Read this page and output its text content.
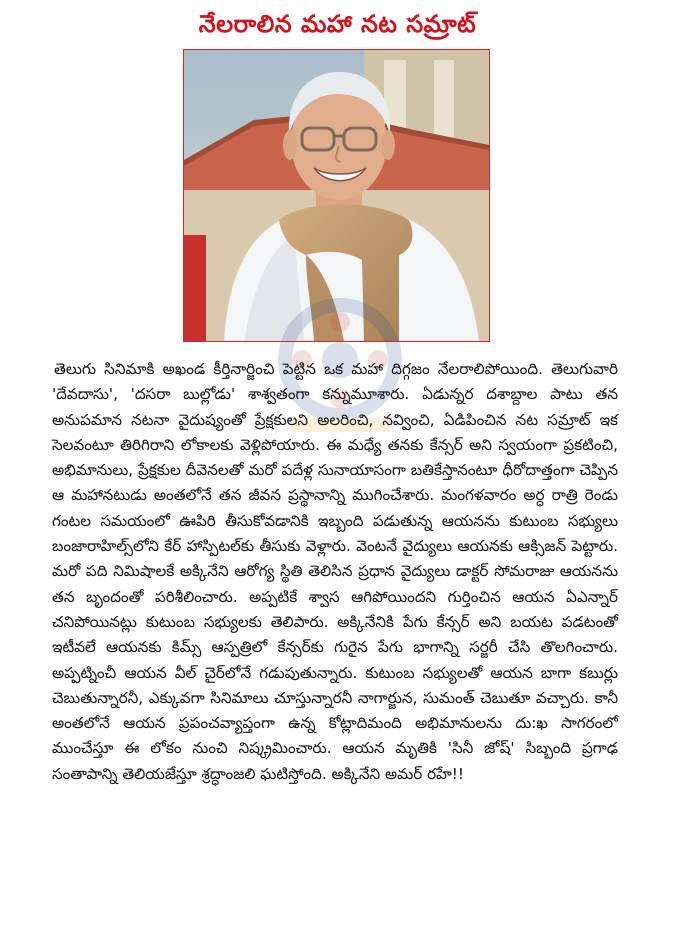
నేలరాలిన మహా నట సమ్రాట్
తెలుగు సినిమాకి అఖండ కీర్తినార్జించి పెట్టిన ఒక మహా దిగ్గజం నేలరాలిపోయింది. తెలుగువారి 'దేవదాసు', 'దసరా బుల్లోడు' శాశ్వతంగా కన్నుమూశారు. ఏడున్నర దశాబ్దాల పాటు తన అనుపమాన నటనా వైదుష్యంతో ప్రేక్షకులని అలరించి, నవ్వించి, ఏడిపించిన నట సమ్రాట్ ఇక సెలవంటూ తిరిగిరాని లోకాలకు వెళ్లిపోయారు. ఈ మధ్యే తనకు కేన్సర్ అని స్వయంగా ప్రకటించి, అభిమానులు, ప్రేక్షకుల దీవెనలతో మరో పదేళ్ల సునాయాసంగా బతికేస్తానంటూ ధీరోదాత్తంగా చెప్పిన ఆ మహానటుడు అంతలోనే తన జీవన ప్రస్థానాన్ని ముగించేశారు. మంగళవారం అర్ధ రాత్రి రెండు గంటల సమయంలో ఊపిరి తీసుకోవడానికి ఇబ్బంది పడుతున్న ఆయనను కుటుంబ సభ్యులు బంజారాహిల్స్‌లోని కేర్ హాస్పిటల్‌కు తీసుకు వెళ్లారు. వెంటనే వైద్యులు ఆయనకు ఆక్సిజన్ పెట్టారు. మరో పది నిమిషాలకే అక్కినేని ఆరోగ్య స్థితి తెలిసిన ప్రధాన వైద్యులు డాక్టర్ సోమరాజు ఆయనను తన బృందంతో పరిశీలించారు. అప్పటికే శ్వాస ఆగిపోయిందని గుర్తించిన ఆయన ఏఎన్నార్ చనిపోయినట్లు కుటుంబ సభ్యులకు తెలిపారు. అక్కినేనికి పేగు కేన్సర్ అని బయట పడటంతో ఇటీవలే ఆయనకు కిమ్స్ ఆస్పత్రిలో కేన్సర్‌కు గురైన పేగు భాగాన్ని సర్జరీ చేసి తొలగించారు. అప్పట్నించీ ఆయన వీల్ చైర్‌లోనే గడుపుతున్నారు. కుటుంబ సభ్యులతో ఆయన బాగా కబుర్లు చెబుతున్నారనీ, ఎక్కువగా సినిమాలు చూస్తున్నారనీ నాగార్జున, సుమంత్ చెబుతూ వచ్చారు. కానీ అంతలోనే ఆయన ప్రపంచవ్యాప్తంగా ఉన్న కోట్లాదిమంది అభిమానులను దు:ఖ సాగరంలో ముంచేస్తూ ఈ లోకం నుంచి నిష్క్రమించారు. ఆయన మృతికి 'సినీ జోష్' సిబ్బంది ప్రగాఢ సంతాపాన్ని తెలియజేస్తూ శ్రద్ధాంజలి ఘటిస్తోంది. అక్కినేని అమర్ రహే!!
